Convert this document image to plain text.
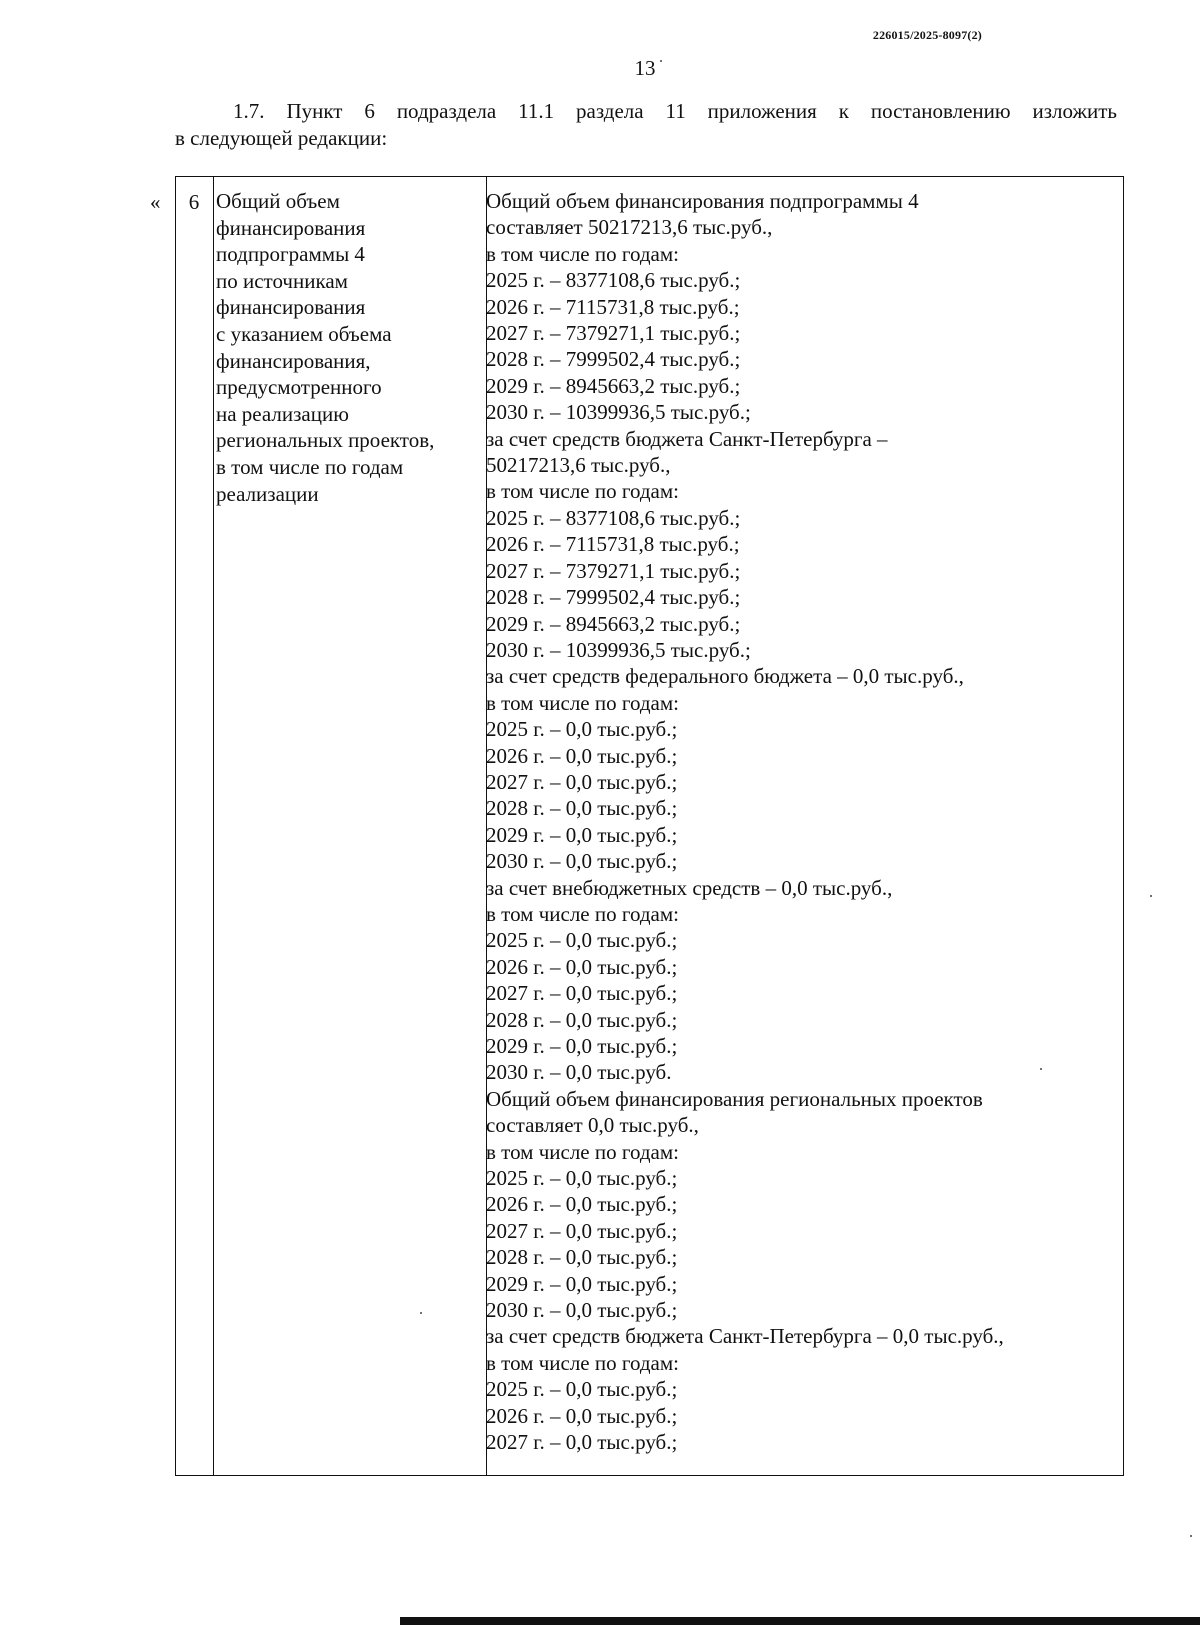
226015/2025-8097(2)
13
1.7. Пункт 6 подраздела 11.1 раздела 11 приложения к постановлению изложить
в следующей редакции:
«	6 Общий объем
финансирования
подпрограммы 4
по источникам
финансирования
с указанием объема
финансирования,
предусмотренного
на реализацию
региональных проектов,
в том числе по годам
реализации
Общий объем финансирования подпрограммы 4
составляет 50217213,6 тыс.руб.,
в том числе по годам:
2025 г. – 8377108,6 тыс.руб.;
2026 г. – 7115731,8 тыс.руб.;
2027 г. – 7379271,1 тыс.руб.;
2028 г. – 7999502,4 тыс.руб.;
2029 г. – 8945663,2 тыс.руб.;
2030 г. – 10399936,5 тыс.руб.;
за счет средств бюджета Санкт-Петербурга –
50217213,6 тыс.руб.,
в том числе по годам:
2025 г. – 8377108,6 тыс.руб.;
2026 г. – 7115731,8 тыс.руб.;
2027 г. – 7379271,1 тыс.руб.;
2028 г. – 7999502,4 тыс.руб.;
2029 г. – 8945663,2 тыс.руб.;
2030 г. – 10399936,5 тыс.руб.;
за счет средств федерального бюджета – 0,0 тыс.руб.,
в том числе по годам:
2025 г. – 0,0 тыс.руб.;
2026 г. – 0,0 тыс.руб.;
2027 г. – 0,0 тыс.руб.;
2028 г. – 0,0 тыс.руб.;
2029 г. – 0,0 тыс.руб.;
2030 г. – 0,0 тыс.руб.;
за счет внебюджетных средств – 0,0 тыс.руб.,
в том числе по годам:
2025 г. – 0,0 тыс.руб.;
2026 г. – 0,0 тыс.руб.;
2027 г. – 0,0 тыс.руб.;
2028 г. – 0,0 тыс.руб.;
2029 г. – 0,0 тыс.руб.;
2030 г. – 0,0 тыс.руб.
Общий объем финансирования региональных проектов
составляет 0,0 тыс.руб.,
в том числе по годам:
2025 г. – 0,0 тыс.руб.;
2026 г. – 0,0 тыс.руб.;
2027 г. – 0,0 тыс.руб.;
2028 г. – 0,0 тыс.руб.;
2029 г. – 0,0 тыс.руб.;
2030 г. – 0,0 тыс.руб.;
за счет средств бюджета Санкт-Петербурга – 0,0 тыс.руб.,
в том числе по годам:
2025 г. – 0,0 тыс.руб.;
2026 г. – 0,0 тыс.руб.;
2027 г. – 0,0 тыс.руб.;
